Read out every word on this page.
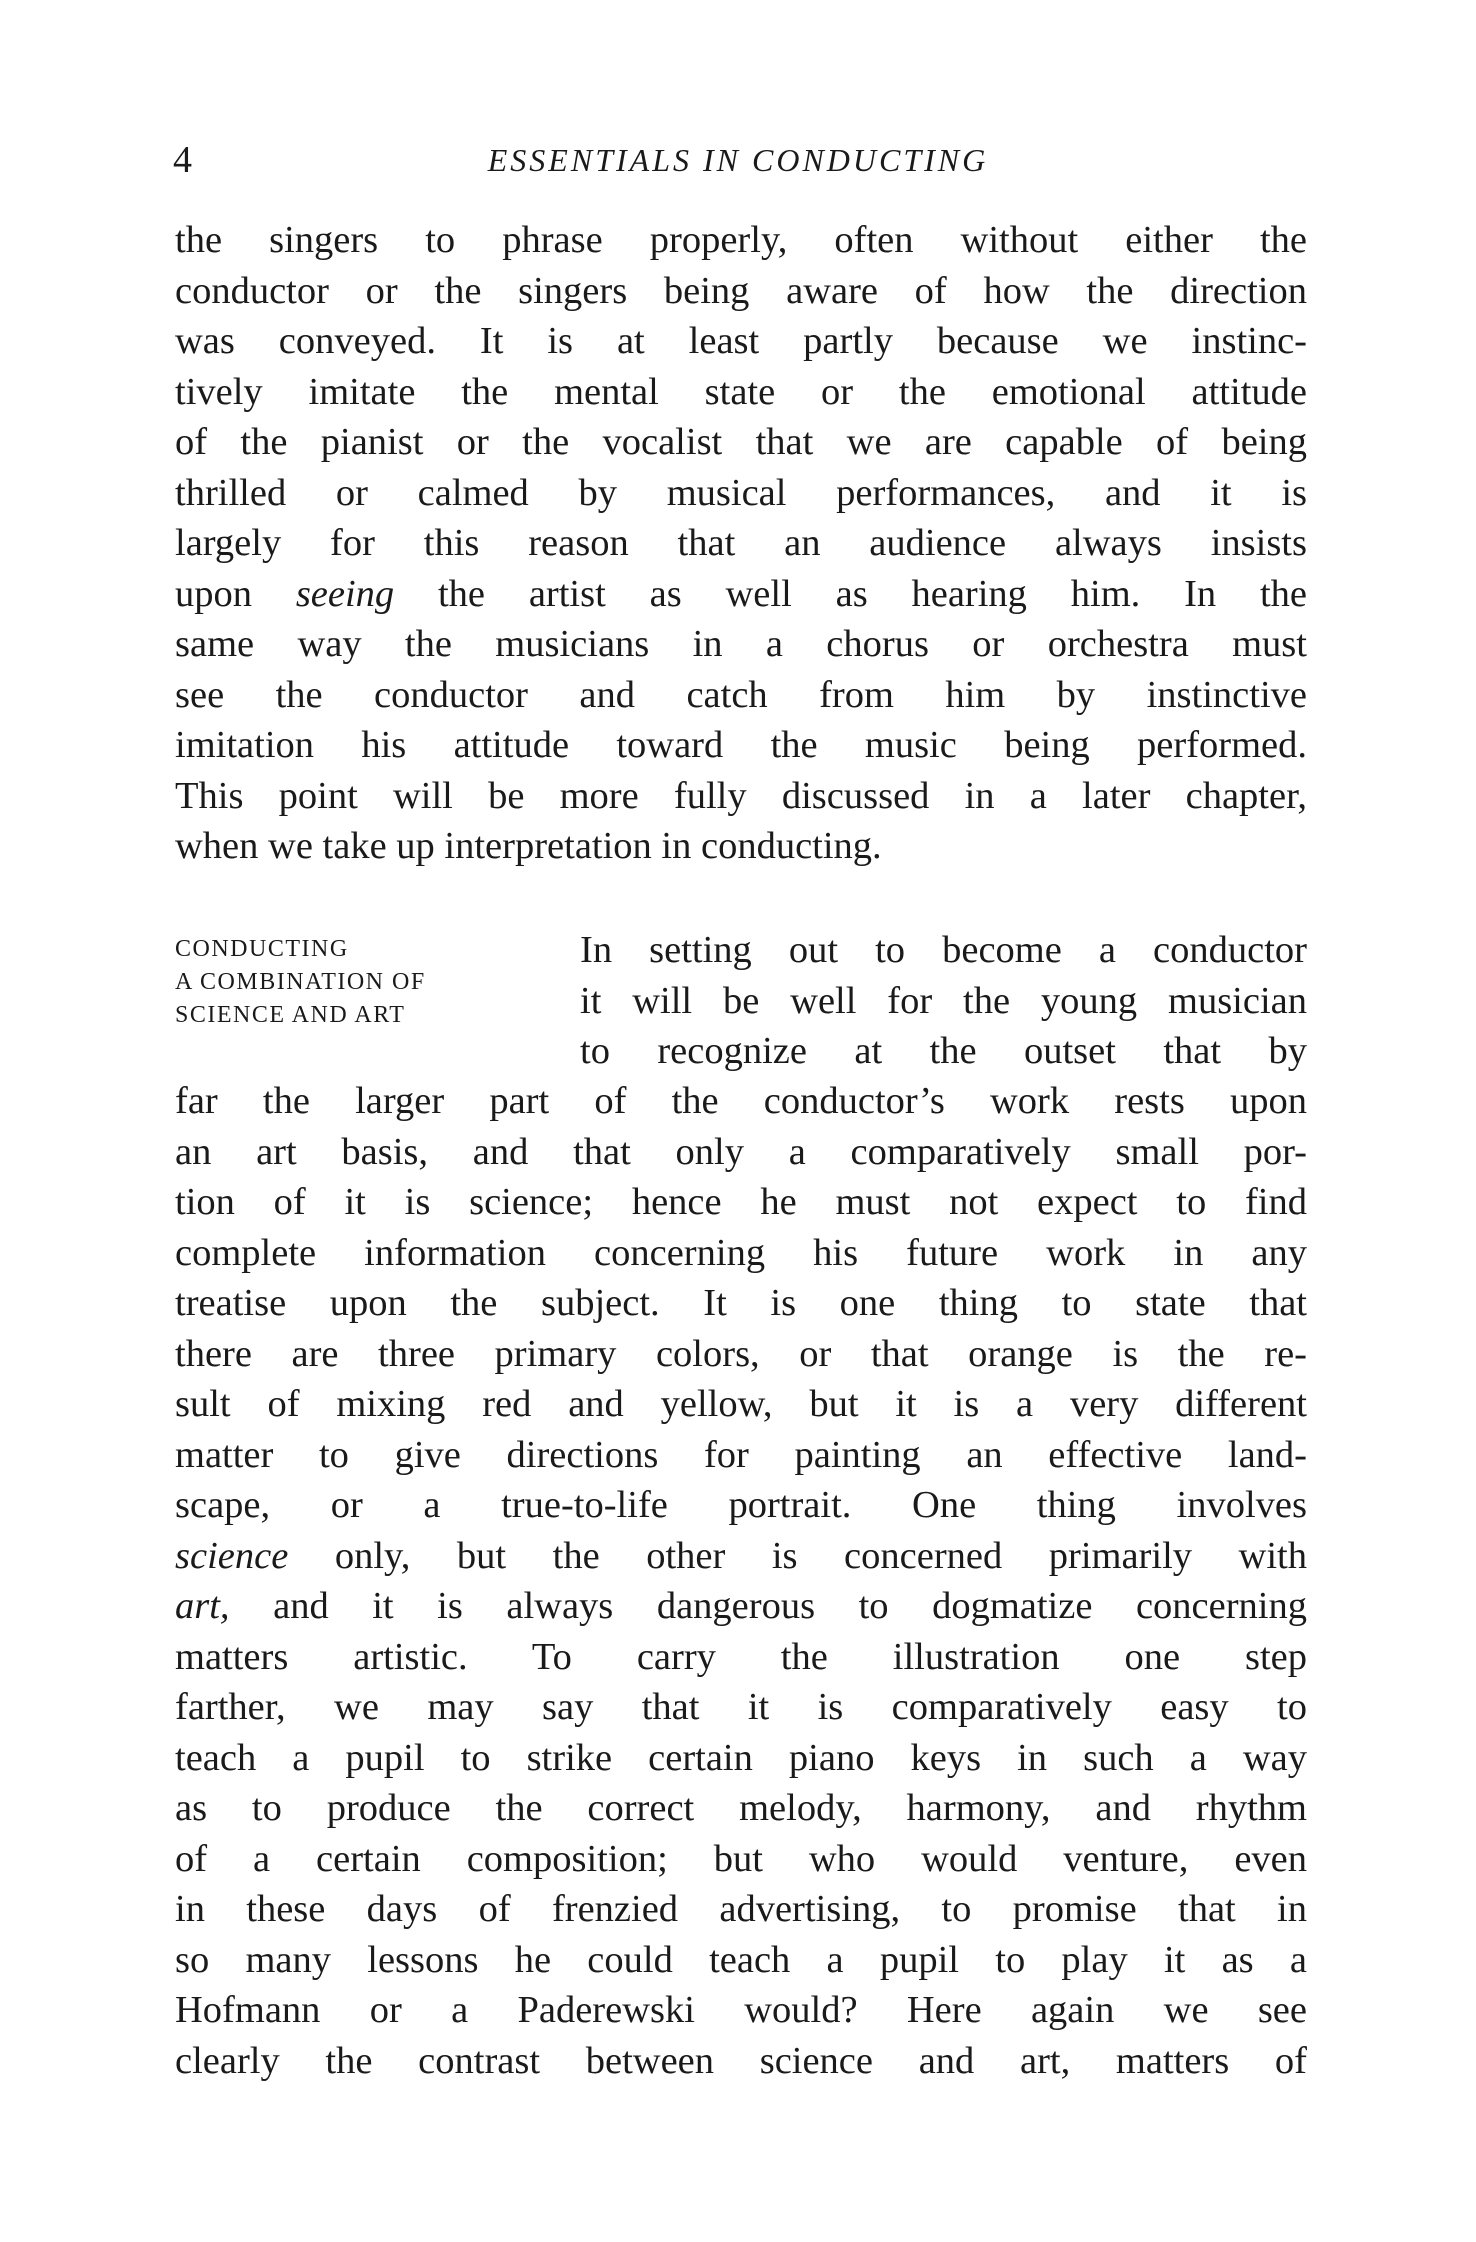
4	ESSENTIALS IN CONDUCTING
the singers to phrase properly, often without either the
conductor or the singers being aware of how the direction
was conveyed. It is at least partly because we instinc-
tively imitate the mental state or the emotional attitude
of the pianist or the vocalist that we are capable of being
thrilled or calmed by musical performances, and it is
largely for this reason that an audience always insists
upon seeing the artist as well as hearing him. In the
same way the musicians in a chorus or orchestra must
see the conductor and catch from him by instinctive
imitation his attitude toward the music being performed.
This point will be more fully discussed in a later chapter,
when we take up interpretation in conducting.
CONDUCTING
A COMBINATION OF
SCIENCE AND ART
In setting out to become a conductor
it will be well for the young musician
to recognize at the outset that by
far the larger part of the conductor’s work rests upon
an art basis, and that only a comparatively small por-
tion of it is science; hence he must not expect to find
complete information concerning his future work in any
treatise upon the subject. It is one thing to state that
there are three primary colors, or that orange is the re-
sult of mixing red and yellow, but it is a very different
matter to give directions for painting an effective land-
scape, or a true-to-life portrait. One thing involves
science only, but the other is concerned primarily with
art, and it is always dangerous to dogmatize concerning
matters artistic. To carry the illustration one step
farther, we may say that it is comparatively easy to
teach a pupil to strike certain piano keys in such a way
as to produce the correct melody, harmony, and rhythm
of a certain composition; but who would venture, even
in these days of frenzied advertising, to promise that in
so many lessons he could teach a pupil to play it as a
Hofmann or a Paderewski would? Here again we see
clearly the contrast between science and art, matters of
